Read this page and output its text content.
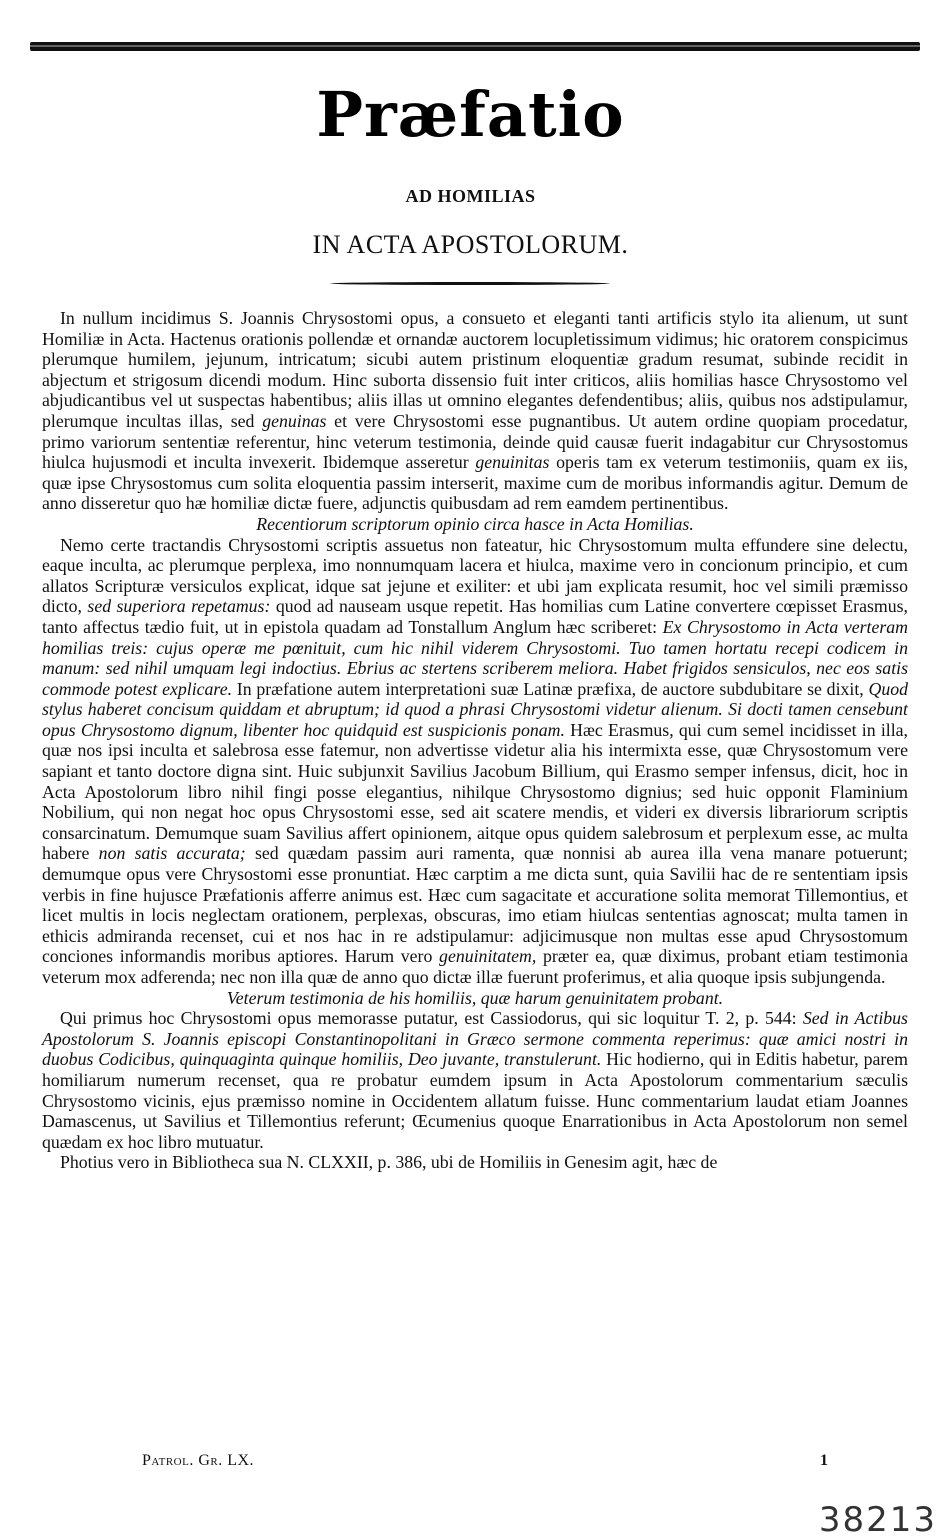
Præfatio
AD HOMILIAS
IN ACTA APOSTOLORUM.

In nullum incidimus S. Joannis Chrysostomi opus, a consueto et eleganti tanti artificis stylo ita alienum, ut sunt Homiliæ in Acta. Hactenus orationis pollendæ et ornandæ auctorem locupletissimum vidimus; hic oratorem conspicimus plerumque humilem, jejunum, intricatum; sicubi autem pristinum eloquentiæ gradum resumat, subinde recidit in abjectum et strigosum dicendi modum. Hinc suborta dissensio fuit inter criticos, aliis homilias hasce Chrysostomo vel abjudicantibus vel ut suspectas habentibus; aliis illas ut omnino elegantes defendentibus; aliis, quibus nos adstipulamur, plerumque incultas illas, sed genuinas et vere Chrysostomi esse pugnantibus. Ut autem ordine quopiam procedatur, primo variorum sententiæ referentur, hinc veterum testimonia, deinde quid causæ fuerit indagabitur cur Chrysostomus hiulca hujusmodi et inculta invexerit. Ibidemque asseretur genuinitas operis tam ex veterum testimoniis, quam ex iis, quæ ipse Chrysostomus cum solita eloquentia passim interserit, maxime cum de moribus informandis agitur. Demum de anno disseretur quo hæ homiliæ dictæ fuere, adjunctis quibusdam ad rem eamdem pertinentibus.

Recentiorum scriptorum opinio circa hasce in Acta Homilias.

Nemo certe tractandis Chrysostomi scriptis assuetus non fateatur, hic Chrysostomum multa effundere sine delectu, eaque inculta, ac plerumque perplexa, imo nonnumquam lacera et hiulca, maxime vero in concionum principio, et cum allatos Scripturæ versiculos explicat, idque sat jejune et exiliter: et ubi jam explicata resumit, hoc vel simili præmisso dicto, sed superiora repetamus: quod ad nauseam usque repetit. Has homilias cum Latine convertere cœpisset Erasmus, tanto affectus tædio fuit, ut in epistola quadam ad Tonstallum Anglum hæc scriberet: Ex Chrysostomo in Acta verteram homilias treis: cujus operæ me pœnituit, cum hic nihil viderem Chrysostomi. Tuo tamen hortatu recepi codicem in manum: sed nihil umquam legi indoctius. Ebrius ac stertens scriberem meliora. Habet frigidos sensiculos, nec eos satis commode potest explicare. In præfatione autem interpretationi suæ Latinæ præfixa, de auctore subdubitare se dixit, Quod stylus haberet concisum quiddam et abruptum; id quod a phrasi Chrysostomi videtur alienum. Si docti tamen censebunt opus Chrysostomo dignum, libenter hoc quidquid est suspicionis ponam. Hæc Erasmus, qui cum semel incidisset in illa, quæ nos ipsi inculta et salebrosa esse fatemur, non advertisse videtur alia his intermixta esse, quæ Chrysostomum vere sapiant et tanto doctore digna sint. Huic subjunxit Savilius Jacobum Billium, qui Erasmo semper infensus, dicit, hoc in Acta Apostolorum libro nihil fingi posse elegantius, nihilque Chrysostomo dignius; sed huic opponit Flaminium Nobilium, qui non negat hoc opus Chrysostomi esse, sed ait scatere mendis, et videri ex diversis librariorum scriptis consarcinatum. Demumque suam Savilius affert opinionem, aitque opus quidem salebrosum et perplexum esse, ac multa habere non satis accurata; sed quædam passim auri ramenta, quæ nonnisi ab aurea illa vena manare potuerunt; demumque opus vere Chrysostomi esse pronuntiat. Hæc carptim a me dicta sunt, quia Savilii hac de re sententiam ipsis verbis in fine hujusce Præfationis afferre animus est. Hæc cum sagacitate et accuratione solita memorat Tillemontius, et licet multis in locis neglectam orationem, perplexas, obscuras, imo etiam hiulcas sententias agnoscat; multa tamen in ethicis admiranda recenset, cui et nos hac in re adstipulamur: adjicimusque non multas esse apud Chrysostomum conciones informandis moribus aptiores. Harum vero genuinitatem, præter ea, quæ diximus, probant etiam testimonia veterum mox adferenda; nec non illa quæ de anno quo dictæ illæ fuerunt proferimus, et alia quoque ipsis subjungenda.

Veterum testimonia de his homiliis, quæ harum genuinitatem probant.

Qui primus hoc Chrysostomi opus memorasse putatur, est Cassiodorus, qui sic loquitur T. 2, p. 544: Sed in Actibus Apostolorum S. Joannis episcopi Constantinopolitani in Græco sermone commenta reperimus: quæ amici nostri in duobus Codicibus, quinquaginta quinque homiliis, Deo juvante, transtulerunt. Hic hodierno, qui in Editis habetur, parem homiliarum numerum recenset, qua re probatur eumdem ipsum in Acta Apostolorum commentarium sæculis Chrysostomo vicinis, ejus præmisso nomine in Occidentem allatum fuisse. Hunc commentarium laudat etiam Joannes Damascenus, ut Savilius et Tillemontius referunt; Œcumenius quoque Enarrationibus in Acta Apostolorum non semel quædam ex hoc libro mutuatur.

Photius vero in Bibliotheca sua N. CLXXII, p. 386, ubi de Homiliis in Genesim agit, hæc de

Patrol. Gr. LX.	1
38213
